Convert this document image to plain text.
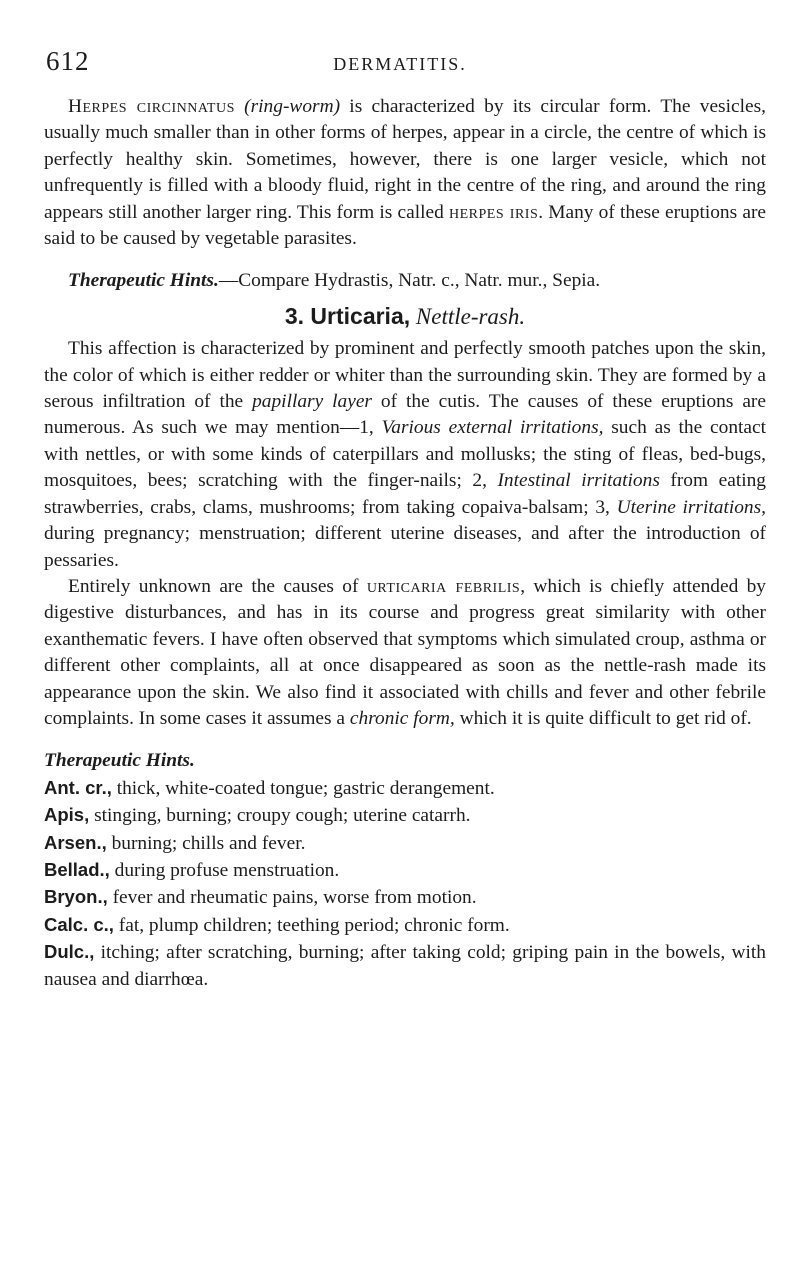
612	DERMATITIS.

Herpes circinnatus (ring-worm) is characterized by its circular form. The vesicles, usually much smaller than in other forms of herpes, appear in a circle, the centre of which is perfectly healthy skin. Sometimes, however, there is one larger vesicle, which not unfrequently is filled with a bloody fluid, right in the centre of the ring, and around the ring appears still another larger ring. This form is called herpes iris. Many of these eruptions are said to be caused by vegetable parasites.

Therapeutic Hints.—Compare Hydrastis, Natr. c., Natr. mur., Sepia.

3. Urticaria, Nettle-rash.

This affection is characterized by prominent and perfectly smooth patches upon the skin, the color of which is either redder or whiter than the surrounding skin. They are formed by a serous infiltration of the papillary layer of the cutis. The causes of these eruptions are numerous. As such we may mention—1, Various external irritations, such as the contact with nettles, or with some kinds of caterpillars and mollusks; the sting of fleas, bed-bugs, mosquitoes, bees; scratching with the finger-nails; 2, Intestinal irritations from eating strawberries, crabs, clams, mushrooms; from taking copaiva-balsam; 3, Uterine irritations, during pregnancy; menstruation; different uterine diseases, and after the introduction of pessaries.

Entirely unknown are the causes of urticaria febrilis, which is chiefly attended by digestive disturbances, and has in its course and progress great similarity with other exanthematic fevers. I have often observed that symptoms which simulated croup, asthma or different other complaints, all at once disappeared as soon as the nettle-rash made its appearance upon the skin. We also find it associated with chills and fever and other febrile complaints. In some cases it assumes a chronic form, which it is quite difficult to get rid of.

Therapeutic Hints.

Ant. cr., thick, white-coated tongue; gastric derangement.

Apis, stinging, burning; croupy cough; uterine catarrh.

Arsen., burning; chills and fever.

Bellad., during profuse menstruation.

Bryon., fever and rheumatic pains, worse from motion.

Calc. c., fat, plump children; teething period; chronic form.

Dulc., itching; after scratching, burning; after taking cold; griping pain in the bowels, with nausea and diarrhœa.
